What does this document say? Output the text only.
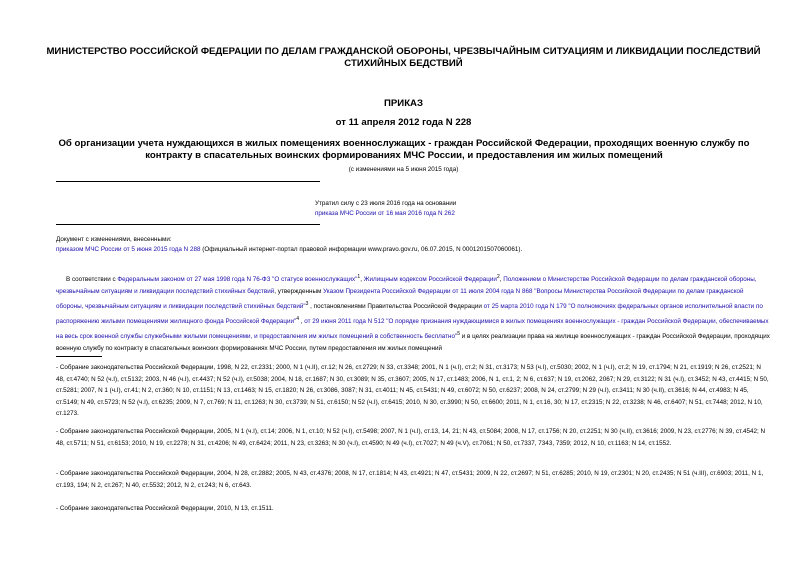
МИНИСТЕРСТВО РОССИЙСКОЙ ФЕДЕРАЦИИ ПО ДЕЛАМ ГРАЖДАНСКОЙ ОБОРОНЫ, ЧРЕЗВЫЧАЙНЫМ СИТУАЦИЯМ И ЛИКВИДАЦИИ ПОСЛЕДСТВИЙ СТИХИЙНЫХ БЕДСТВИЙ
ПРИКАЗ
от 11 апреля 2012 года N 228
Об организации учета нуждающихся в жилых помещениях военнослужащих - граждан Российской Федерации, проходящих военную службу по контракту в спасательных воинских формированиях МЧС России, и предоставления им жилых помещений
(с изменениями на 5 июня 2015 года)
Утратил силу с 23 июля 2016 года на основании
приказа МЧС России от 16 мая 2016 года N 262
Документ с изменениями, внесенными:
приказом МЧС России от 5 июня 2015 года N 288 (Официальный интернет-портал правовой информации www.pravo.gov.ru, 06.07.2015, N 0001201507060061).
В соответствии с Федеральным законом от 27 мая 1998 года N 76-ФЗ "О статусе военнослужащих"$^1$, Жилищным кодексом Российской Федерации$^2$, Положением о Министерстве Российской Федерации по делам гражданской обороны, чрезвычайным ситуациям и ликвидации последствий стихийных бедствий, утвержденным Указом Президента Российской Федерации от 11 июля 2004 года N 868 "Вопросы Министерства Российской Федерации по делам гражданской обороны, чрезвычайным ситуациям и ликвидации последствий стихийных бедствий"$^3$ , постановлениями Правительства Российской Федерации от 25 марта 2010 года N 179 "О полномочиях федеральных органов исполнительной власти по распоряжению жилыми помещениями жилищного фонда Российской Федерации"$^4$ , от 29 июня 2011 года N 512 "О порядке признания нуждающимися в жилых помещениях военнослужащих - граждан Российской Федерации, обеспечиваемых на весь срок военной службы служебными жилыми помещениями, и предоставления им жилых помещений в собственность бесплатно"$^5$ и в целях реализации права на жилище военнослужащих - граждан Российской Федерации, проходящих военную службу по контракту в спасательных воинских формированиях МЧС России, путем предоставления им жилых помещений
‑ Собрание законодательства Российской Федерации, 1998, N 22, ст.2331; 2000, N 1 (ч.II), ст.12; N 26, ст.2729; N 33, ст.3348; 2001, N 1 (ч.I), ст.2; N 31, ст.3173; N 53 (ч.I), ст.5030; 2002, N 1 (ч.I), ст.2; N 19, ст.1794; N 21, ст.1919; N 26, ст.2521; N 48, ст.4740; N 52 (ч.I), ст.5132; 2003, N 46 (ч.I), ст.4437; N 52 (ч.I), ст.5038; 2004, N 18, ст.1687; N 30, ст.3089; N 35, ст.3607; 2005, N 17, ст.1483; 2006, N 1, ст.1, 2; N 6, ст.637; N 19, ст.2062, 2067; N 29, ст.3122; N 31 (ч.I), ст.3452; N 43, ст.4415; N 50, ст.5281; 2007, N 1 (ч.I), ст.41; N 2, ст.360; N 10, ст.1151; N 13, ст.1463; N 15, ст.1820; N 26, ст.3086, 3087; N 31, ст.4011; N 45, ст.5431; N 49, ст.6072; N 50, ст.6237; 2008, N 24, ст.2799; N 29 (ч.I), ст.3411; N 30 (ч.II), ст.3616; N 44, ст.4983; N 45, ст.5149; N 49, ст.5723; N 52 (ч.I), ст.6235; 2009, N 7, ст.769; N 11, ст.1263; N 30, ст.3739; N 51, ст.6150; N 52 (ч.I), ст.6415; 2010, N 30, ст.3990; N 50, ст.6600; 2011, N 1, ст.16, 30; N 17, ст.2315; N 22, ст.3238; N 46, ст.6407; N 51, ст.7448; 2012, N 10, ст.1273.
‑ Собрание законодательства Российской Федерации, 2005, N 1 (ч.I), ст.14; 2006, N 1, ст.10; N 52 (ч.I), ст.5498; 2007, N 1 (ч.I), ст.13, 14, 21; N 43, ст.5084; 2008, N 17, ст.1756; N 20, ст.2251; N 30 (ч.II), ст.3616; 2009, N 23, ст.2776; N 39, ст.4542; N 48, ст.5711; N 51, ст.6153; 2010, N 19, ст.2278; N 31, ст.4206; N 49, ст.6424; 2011, N 23, ст.3263; N 30 (ч.I), ст.4590; N 49 (ч.I), ст.7027; N 49 (ч.V), ст.7061; N 50, ст.7337, 7343, 7359; 2012, N 10, ст.1163; N 14, ст.1552.
‑ Собрание законодательства Российской Федерации, 2004, N 28, ст.2882; 2005, N 43, ст.4376; 2008, N 17, ст.1814; N 43, ст.4921; N 47, ст.5431; 2009, N 22, ст.2697; N 51, ст.6285; 2010, N 19, ст.2301; N 20, ст.2435; N 51 (ч.III), ст.6903; 2011, N 1, ст.193, 194; N 2, ст.267; N 40, ст.5532; 2012, N 2, ст.243; N 6, ст.643.
‑ Собрание законодательства Российской Федерации, 2010, N 13, ст.1511.
